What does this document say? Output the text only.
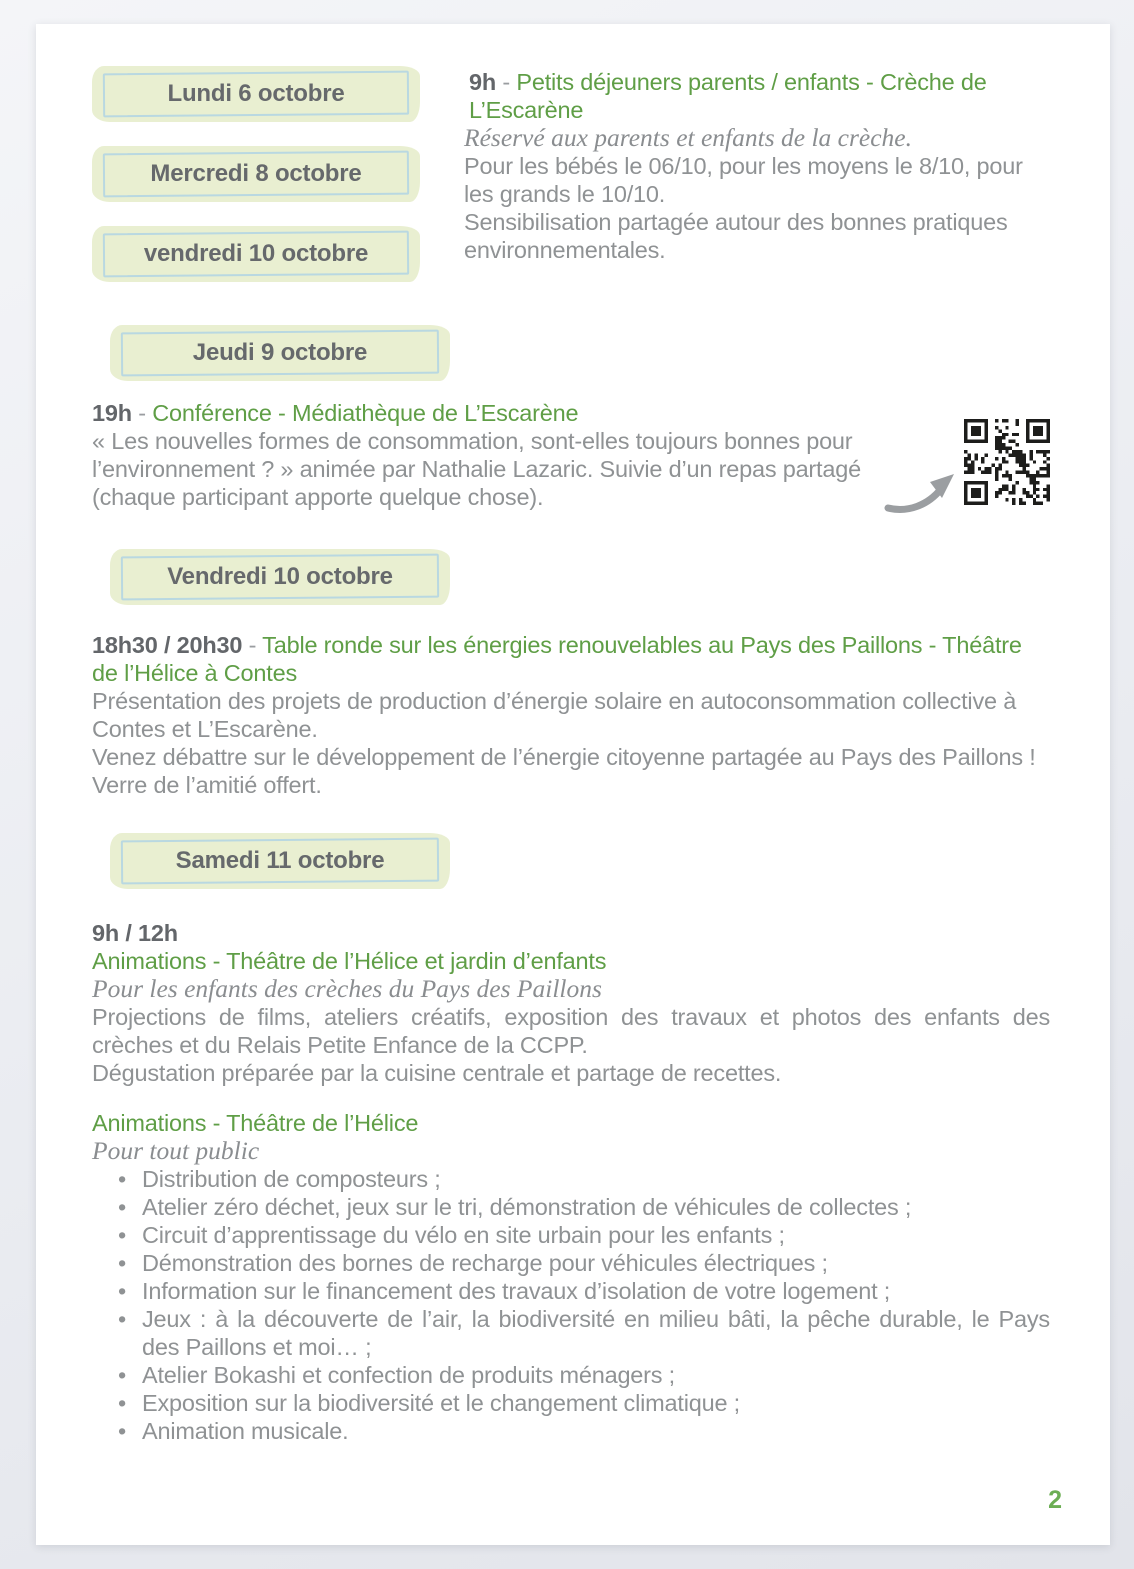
Lundi 6 octobre
Mercredi 8 octobre
vendredi 10 octobre

9h - Petits déjeuners parents / enfants - Crèche de L’Escarène

Réservé aux parents et enfants de la crèche.

Pour les bébés le 06/10, pour les moyens le 8/10, pour les grands le 10/10.

Sensibilisation partagée autour des bonnes pratiques environnementales.

Jeudi 9 octobre

19h - Conférence - Médiathèque de L’Escarène

« Les nouvelles formes de consommation, sont-elles toujours bonnes pour l’environnement ? » animée par Nathalie Lazaric. Suivie d’un repas partagé (chaque participant apporte quelque chose).

Vendredi 10 octobre

18h30 / 20h30 - Table ronde sur les énergies renouvelables au Pays des Paillons - Théâtre de l’Hélice à Contes

Présentation des projets de production d’énergie solaire en autoconsommation collective à Contes et L’Escarène.

Venez débattre sur le développement de l’énergie citoyenne partagée au Pays des Paillons ! Verre de l’amitié offert.

Samedi 11 octobre

9h / 12h

Animations - Théâtre de l’Hélice et jardin d’enfants

Pour les enfants des crèches du Pays des Paillons

Projections de films, ateliers créatifs, exposition des travaux et photos des enfants des crèches et du Relais Petite Enfance de la CCPP.

Dégustation préparée par la cuisine centrale et partage de recettes.

Animations - Théâtre de l’Hélice

Pour tout public

• Distribution de composteurs ;
• Atelier zéro déchet, jeux sur le tri, démonstration de véhicules de collectes ;
• Circuit d’apprentissage du vélo en site urbain pour les enfants ;
• Démonstration des bornes de recharge pour véhicules électriques ;
• Information sur le financement des travaux d’isolation de votre logement ;
• Jeux : à la découverte de l’air, la biodiversité en milieu bâti, la pêche durable, le Pays des Paillons et moi… ;
• Atelier Bokashi et confection de produits ménagers ;
• Exposition sur la biodiversité et le changement climatique ;
• Animation musicale.
2
